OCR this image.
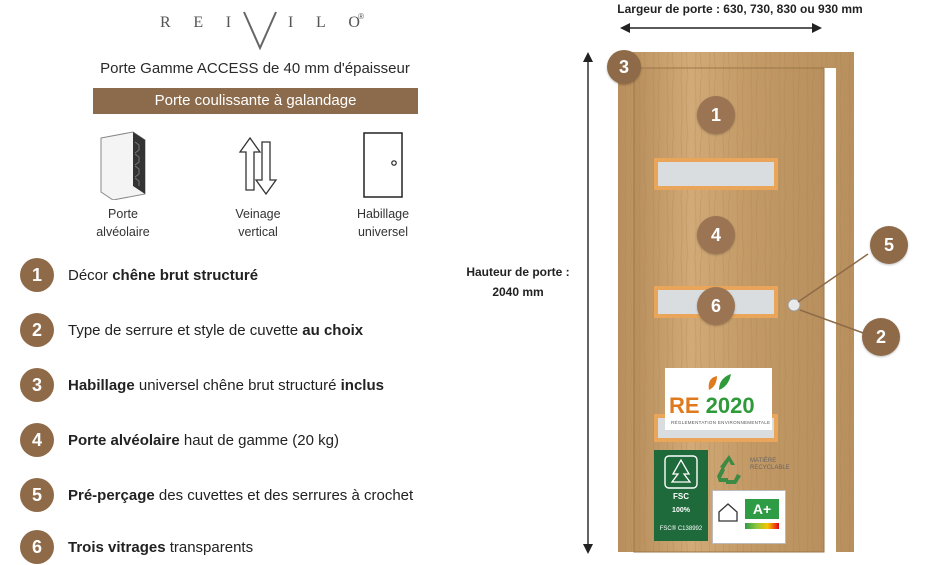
R E I	I L O
®
Porte Gamme ACCESS de 40 mm d'épaisseur
Porte coulissante à galandage
Porte
alvéolaire
Veinage
vertical
Habillage
universel
1	Décor chêne brut structuré
2	Type de serrure et style de cuvette au choix
3	Habillage universel chêne brut structuré inclus
4	Porte alvéolaire haut de gamme (20 kg)
5	Pré-perçage des cuvettes et des serrures à crochet
6	Trois vitrages transparents
Largeur de porte : 630, 730, 830 ou 930 mm
Hauteur de porte :
2040 mm
3
1
4
6
5
2
RE 2020
RÉGLEMENTATION ENVIRONNEMENTALE
FSC
100%
FSC® C138992
MATIÈRE RECYCLABLE
A+
